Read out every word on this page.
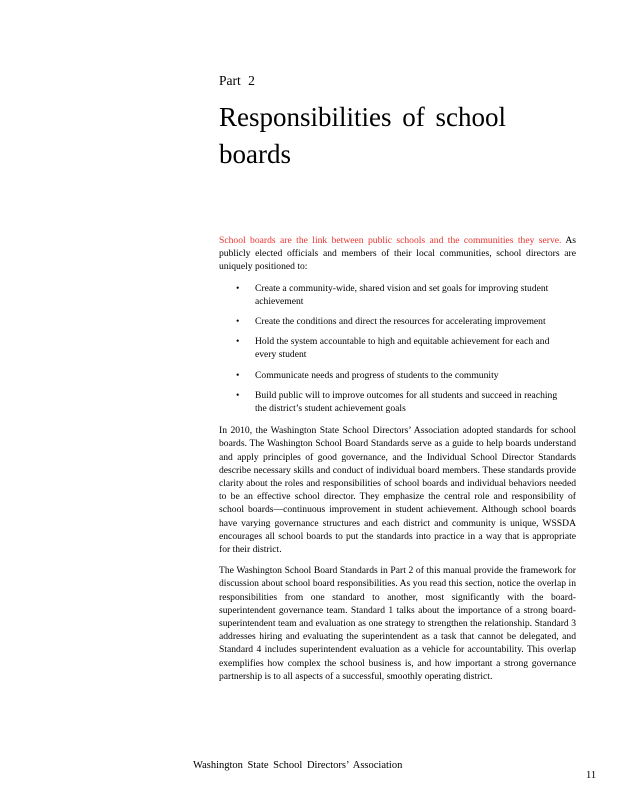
Part 2
Responsibilities of school boards

School boards are the link between public schools and the communities they serve. As publicly elected officials and members of their local communities, school directors are uniquely positioned to:

• Create a community-wide, shared vision and set goals for improving student achievement
• Create the conditions and direct the resources for accelerating improvement
• Hold the system accountable to high and equitable achievement for each and every student
• Communicate needs and progress of students to the community
• Build public will to improve outcomes for all students and succeed in reaching the district’s student achievement goals

In 2010, the Washington State School Directors’ Association adopted standards for school boards. The Washington School Board Standards serve as a guide to help boards understand and apply principles of good governance, and the Individual School Director Standards describe necessary skills and conduct of individual board members. These standards provide clarity about the roles and responsibilities of school boards and individual behaviors needed to be an effective school director. They emphasize the central role and responsibility of school boards—continuous improvement in student achievement. Although school boards have varying governance structures and each district and community is unique, WSSDA encourages all school boards to put the standards into practice in a way that is appropriate for their district.

The Washington School Board Standards in Part 2 of this manual provide the framework for discussion about school board responsibilities. As you read this section, notice the overlap in responsibilities from one standard to another, most significantly with the board-superintendent governance team. Standard 1 talks about the importance of a strong board-superintendent team and evaluation as one strategy to strengthen the relationship. Standard 3 addresses hiring and evaluating the superintendent as a task that cannot be delegated, and Standard 4 includes superintendent evaluation as a vehicle for accountability. This overlap exemplifies how complex the school business is, and how important a strong governance partnership is to all aspects of a successful, smoothly operating district.

Washington State School Directors’ Association
11
